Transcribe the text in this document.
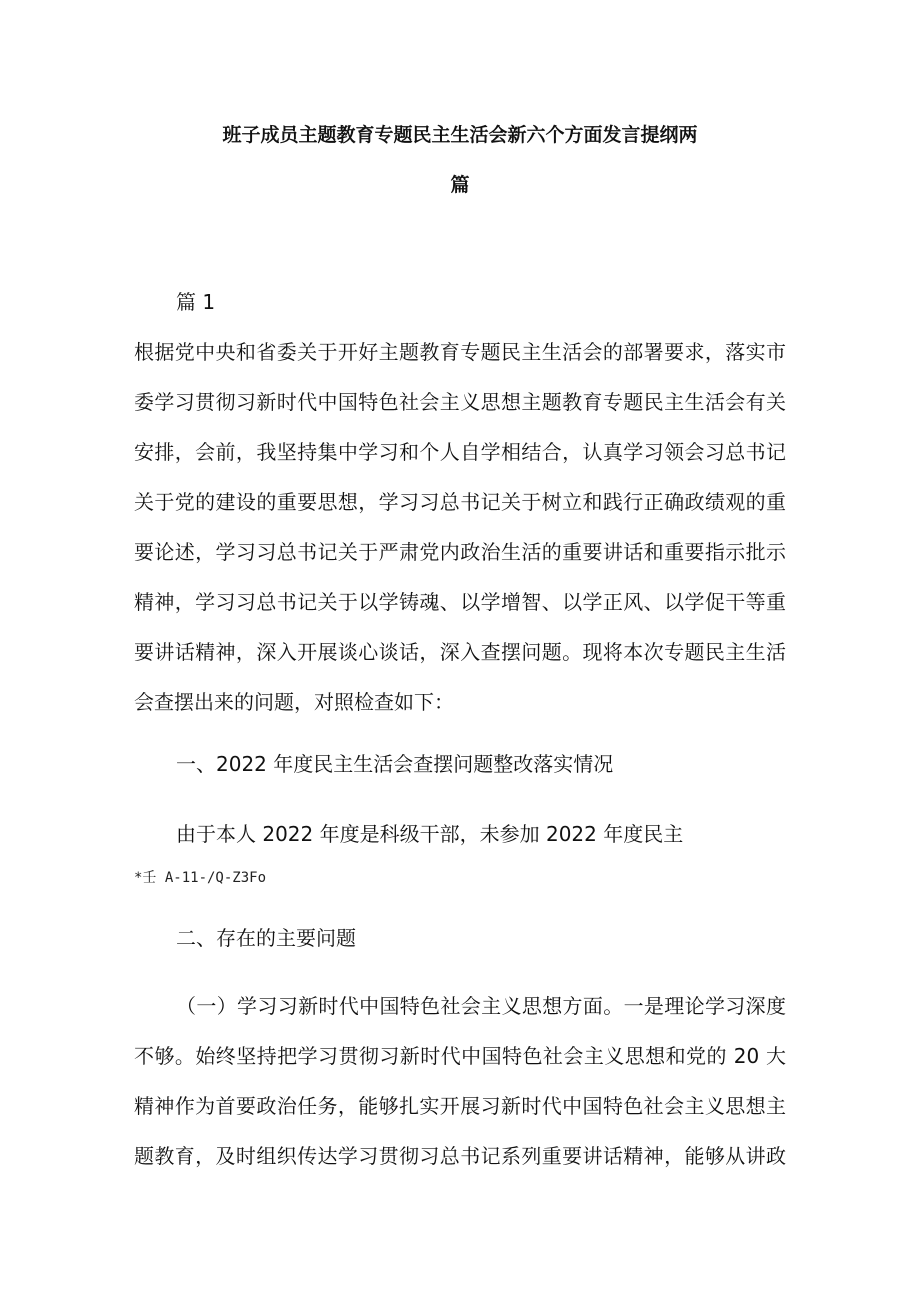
班子成员主题教育专题民主生活会新六个方面发言提纲两
篇
篇 1
根据党中央和省委关于开好主题教育专题民主生活会的部署要求，落实市
委学习贯彻习新时代中国特色社会主义思想主题教育专题民主生活会有关
安排，会前，我坚持集中学习和个人自学相结合，认真学习领会习总书记
关于党的建设的重要思想，学习习总书记关于树立和践行正确政绩观的重
要论述，学习习总书记关于严肃党内政治生活的重要讲话和重要指示批示
精神，学习习总书记关于以学铸魂、以学增智、以学正风、以学促干等重
要讲话精神，深入开展谈心谈话，深入查摆问题。现将本次专题民主生活
会查摆出来的问题，对照检查如下：
一、2022 年度民主生活会查摆问题整改落实情况
由于本人 2022 年度是科级干部，未参加 2022 年度民主
*壬 A-11-/Q-Z3Fo
二、存在的主要问题
（一）学习习新时代中国特色社会主义思想方面。一是理论学习深度
不够。始终坚持把学习贯彻习新时代中国特色社会主义思想和党的 20 大
精神作为首要政治任务，能够扎实开展习新时代中国特色社会主义思想主
题教育，及时组织传达学习贯彻习总书记系列重要讲话精神，能够从讲政
